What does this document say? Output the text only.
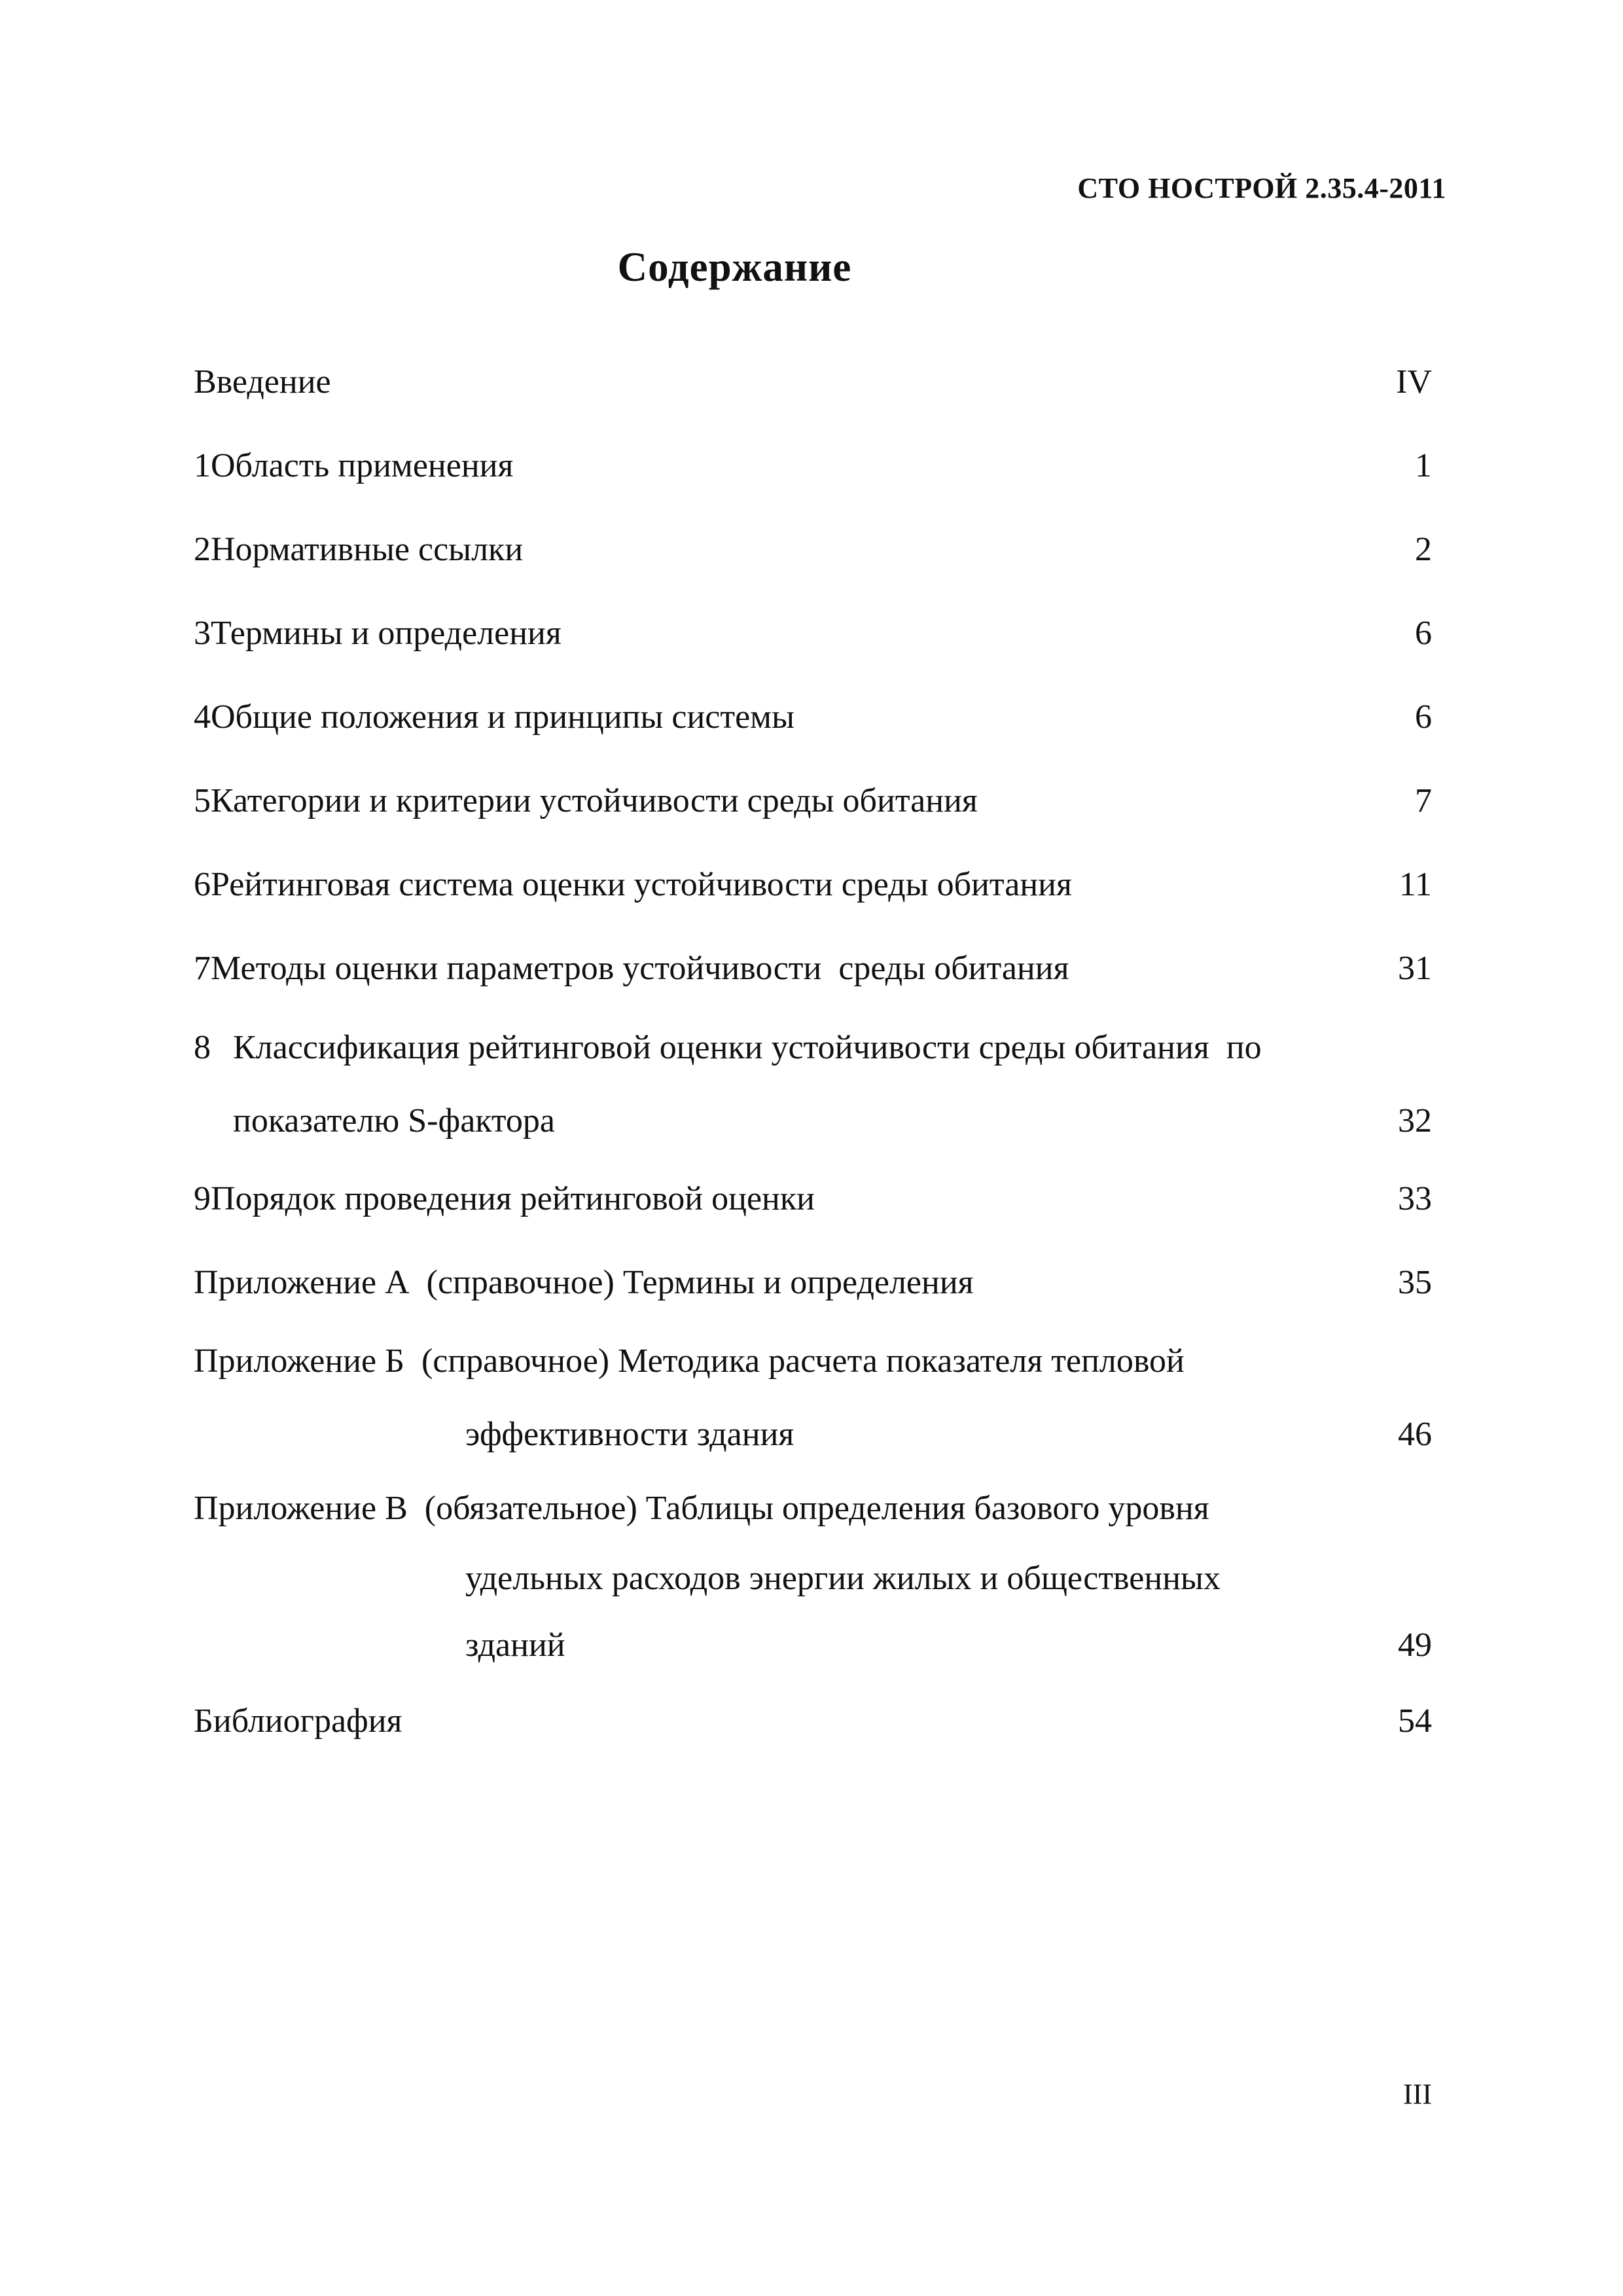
СТО НОСТРОЙ 2.35.4-2011
Содержание
Введение .....	IV
1 Область применения .....	1
2 Нормативные ссылки .....	2
3 Термины и определения .....	6
4 Общие положения и принципы системы .....	6
5 Категории и критерии устойчивости среды обитания .....	7
6 Рейтинговая система оценки устойчивости среды обитания .....	11
7 Методы оценки параметров устойчивости  среды обитания .....	31
8 Классификация рейтинговой оценки устойчивости среды обитания  по
показателю S-фактора .....	32
9 Порядок проведения рейтинговой оценки .....	33
Приложение А  (справочное) Термины и определения .....	35
Приложение Б  (справочное) Методика расчета показателя тепловой
эффективности здания .....	46
Приложение В  (обязательное) Таблицы определения базового уровня
удельных расходов энергии жилых и общественных
зданий .....	49
Библиография .....	54
III
